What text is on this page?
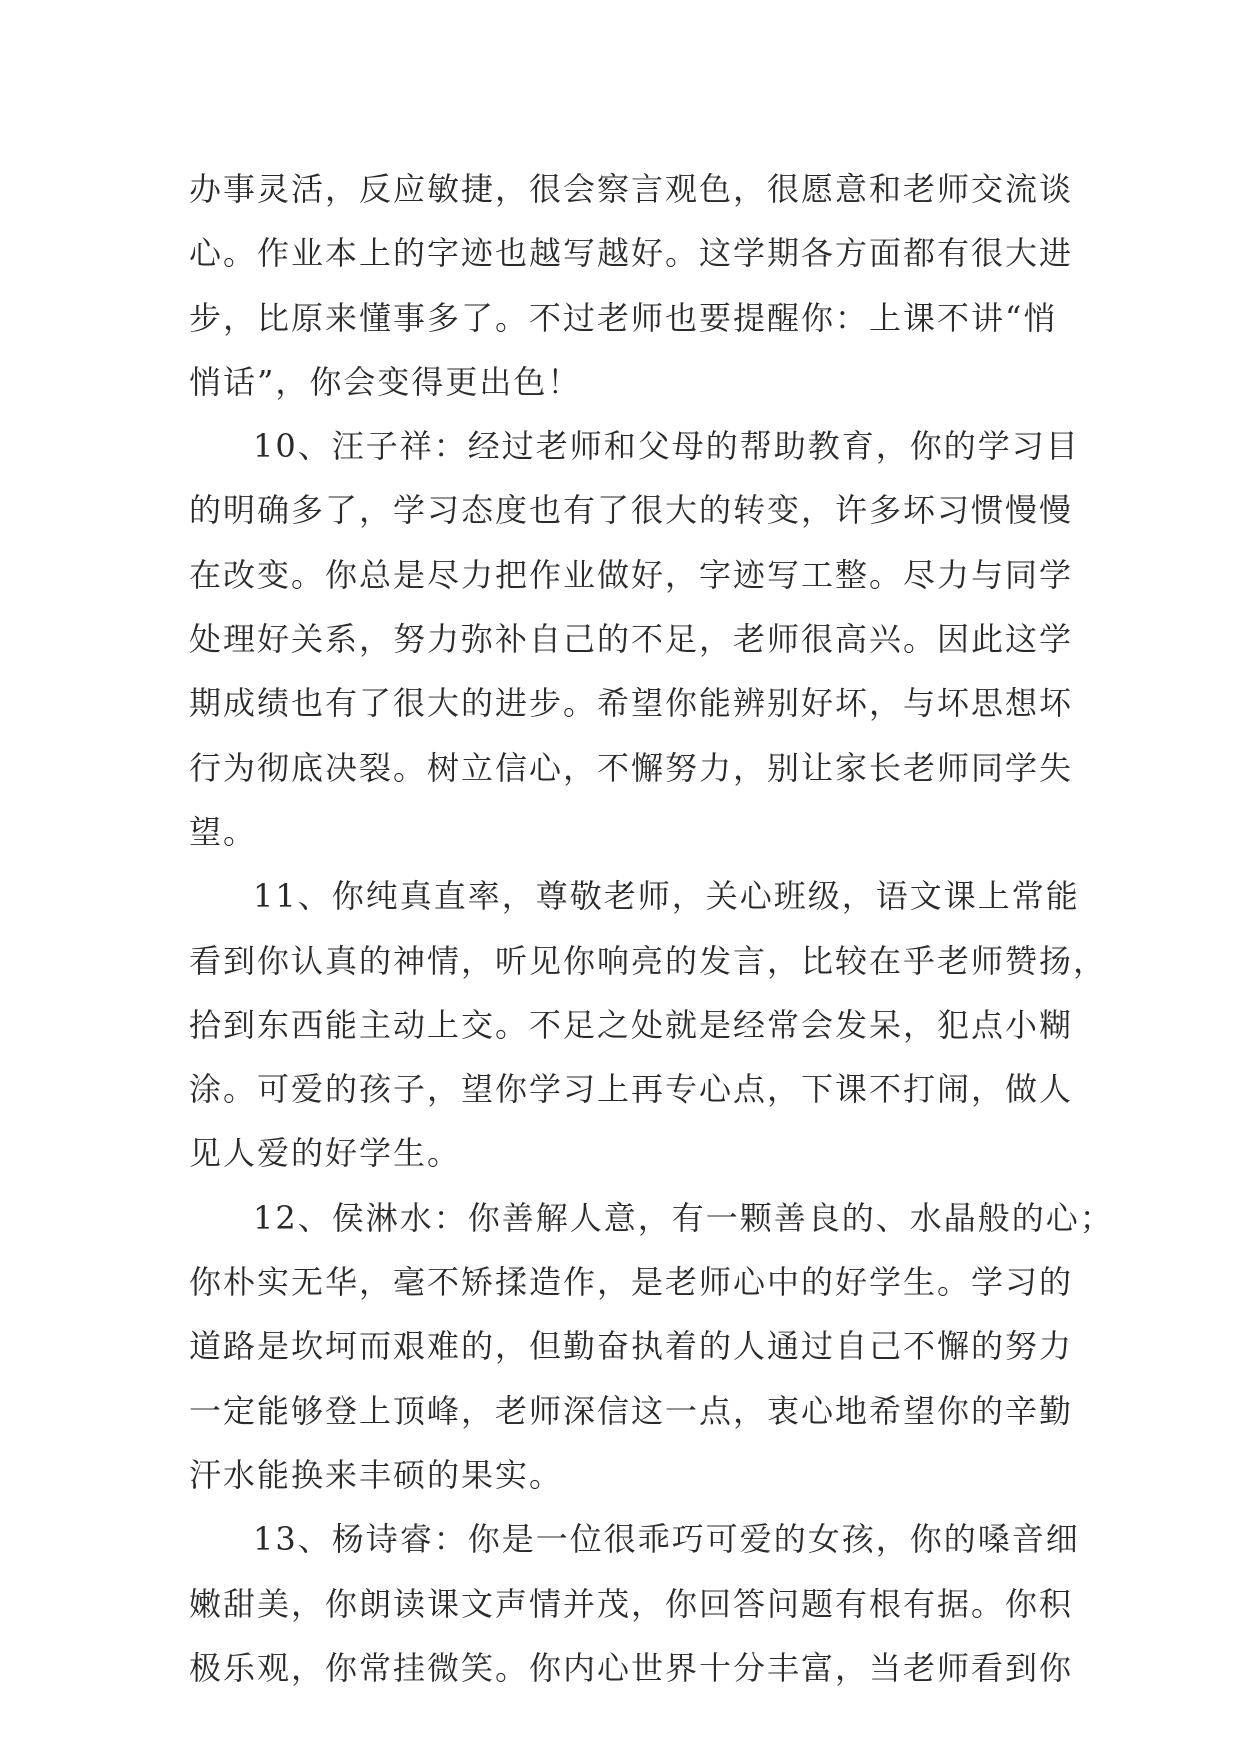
办事灵活，反应敏捷，很会察言观色，很愿意和老师交流谈
心。作业本上的字迹也越写越好。这学期各方面都有很大进
步，比原来懂事多了。不过老师也要提醒你：上课不讲“悄
悄话”，你会变得更出色！
10、汪子祥：经过老师和父母的帮助教育，你的学习目
的明确多了，学习态度也有了很大的转变，许多坏习惯慢慢
在改变。你总是尽力把作业做好，字迹写工整。尽力与同学
处理好关系，努力弥补自己的不足，老师很高兴。因此这学
期成绩也有了很大的进步。希望你能辨别好坏，与坏思想坏
行为彻底决裂。树立信心，不懈努力，别让家长老师同学失
望。
11、你纯真直率，尊敬老师，关心班级，语文课上常能
看到你认真的神情，听见你响亮的发言，比较在乎老师赞扬，
拾到东西能主动上交。不足之处就是经常会发呆，犯点小糊
涂。可爱的孩子，望你学习上再专心点，下课不打闹，做人
见人爱的好学生。
12、侯淋水：你善解人意，有一颗善良的、水晶般的心；
你朴实无华，毫不矫揉造作，是老师心中的好学生。学习的
道路是坎坷而艰难的，但勤奋执着的人通过自己不懈的努力
一定能够登上顶峰，老师深信这一点，衷心地希望你的辛勤
汗水能换来丰硕的果实。
13、杨诗睿：你是一位很乖巧可爱的女孩，你的嗓音细
嫩甜美，你朗读课文声情并茂，你回答问题有根有据。你积
极乐观，你常挂微笑。你内心世界十分丰富，当老师看到你
